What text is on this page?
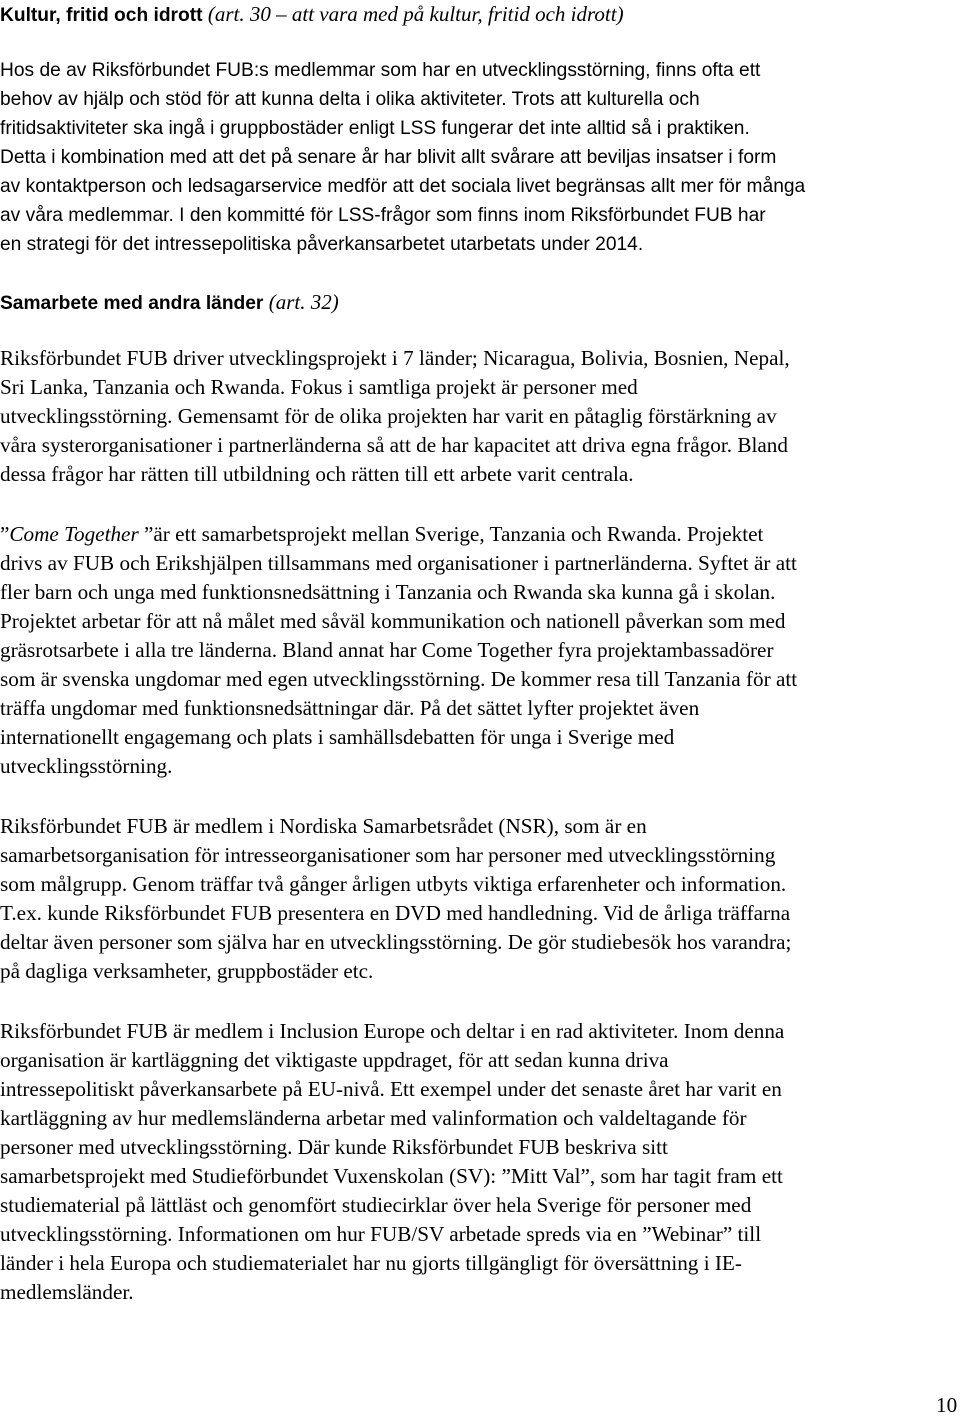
Kultur, fritid och idrott (art. 30 – att vara med på kultur, fritid och idrott)
Hos de av Riksförbundet FUB:s medlemmar som har en utvecklingsstörning, finns ofta ett
behov av hjälp och stöd för att kunna delta i olika aktiviteter. Trots att kulturella och
fritidsaktiviteter ska ingå i gruppbostäder enligt LSS fungerar det inte alltid så i praktiken.
Detta i kombination med att det på senare år har blivit allt svårare att beviljas insatser i form
av kontaktperson och ledsagarservice medför att det sociala livet begränsas allt mer för många
av våra medlemmar. I den kommitté för LSS-frågor som finns inom Riksförbundet FUB har
en strategi för det intressepolitiska påverkansarbetet utarbetats under 2014.
Samarbete med andra länder (art. 32)
Riksförbundet FUB driver utvecklingsprojekt i 7 länder; Nicaragua, Bolivia, Bosnien, Nepal,
Sri Lanka, Tanzania och Rwanda. Fokus i samtliga projekt är personer med
utvecklingsstörning. Gemensamt för de olika projekten har varit en påtaglig förstärkning av
våra systerorganisationer i partnerländerna så att de har kapacitet att driva egna frågor. Bland
dessa frågor har rätten till utbildning och rätten till ett arbete varit centrala.
”Come Together ”är ett samarbetsprojekt mellan Sverige, Tanzania och Rwanda. Projektet
drivs av FUB och Erikshjälpen tillsammans med organisationer i partnerländerna. Syftet är att
fler barn och unga med funktionsnedsättning i Tanzania och Rwanda ska kunna gå i skolan.
Projektet arbetar för att nå målet med såväl kommunikation och nationell påverkan som med
gräsrotsarbete i alla tre länderna. Bland annat har Come Together fyra projektambassadörer
som är svenska ungdomar med egen utvecklingsstörning. De kommer resa till Tanzania för att
träffa ungdomar med funktionsnedsättningar där. På det sättet lyfter projektet även
internationellt engagemang och plats i samhällsdebatten för unga i Sverige med
utvecklingsstörning.
Riksförbundet FUB är medlem i Nordiska Samarbetsrådet (NSR), som är en
samarbetsorganisation för intresseorganisationer som har personer med utvecklingsstörning
som målgrupp. Genom träffar två gånger årligen utbyts viktiga erfarenheter och information.
T.ex. kunde Riksförbundet FUB presentera en DVD med handledning. Vid de årliga träffarna
deltar även personer som själva har en utvecklingsstörning. De gör studiebesök hos varandra;
på dagliga verksamheter, gruppbostäder etc.
Riksförbundet FUB är medlem i Inclusion Europe och deltar i en rad aktiviteter. Inom denna
organisation är kartläggning det viktigaste uppdraget, för att sedan kunna driva
intressepolitiskt påverkansarbete på EU-nivå. Ett exempel under det senaste året har varit en
kartläggning av hur medlemsländerna arbetar med valinformation och valdeltagande för
personer med utvecklingsstörning. Där kunde Riksförbundet FUB beskriva sitt
samarbetsprojekt med Studieförbundet Vuxenskolan (SV): ”Mitt Val”, som har tagit fram ett
studiematerial på lättläst och genomfört studiecirklar över hela Sverige för personer med
utvecklingsstörning. Informationen om hur FUB/SV arbetade spreds via en ”Webinar” till
länder i hela Europa och studiematerialet har nu gjorts tillgängligt för översättning i IE-
medlemsländer.
10
